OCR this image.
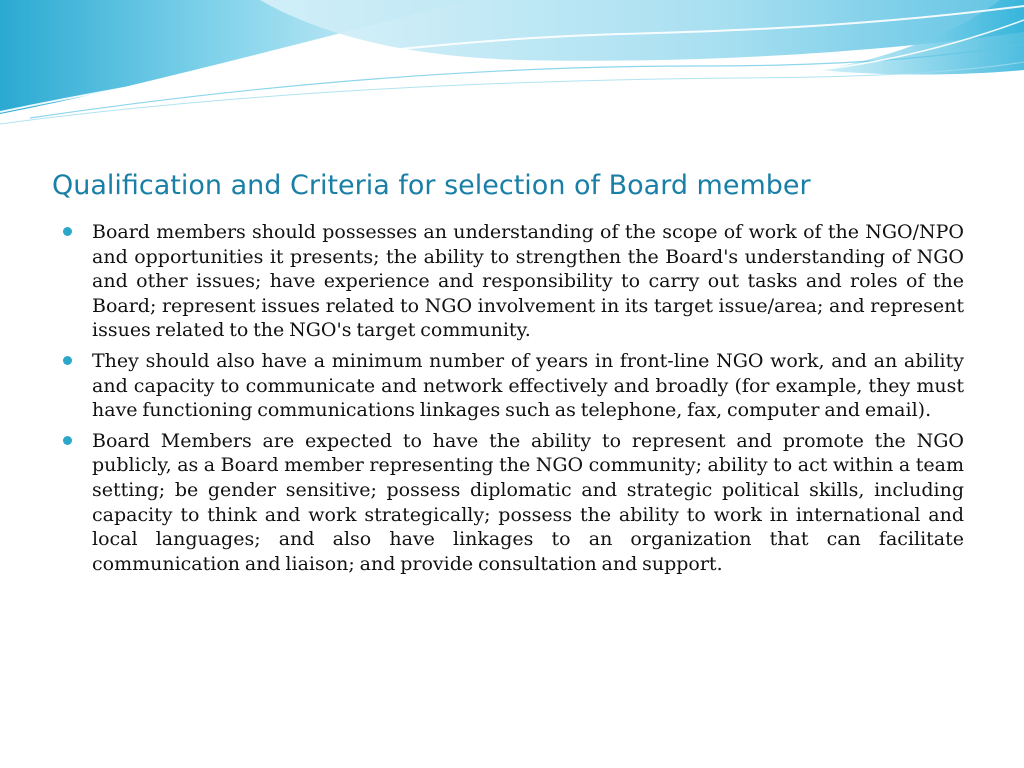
Qualification and Criteria for selection of Board member
Board members should possesses an understanding of the scope of work of the NGO/NPO and opportunities it presents; the ability to strengthen the Board's understanding of NGO and other issues; have experience and responsibility to carry out tasks and roles of the Board; represent issues related to NGO involvement in its target issue/area; and represent issues related to the NGO's target community.
They should also have a minimum number of years in front-line NGO work, and an ability and capacity to communicate and network effectively and broadly (for example, they must have functioning communications linkages such as telephone, fax, computer and email).
Board Members are expected to have the ability to represent and promote the NGO publicly, as a Board member representing the NGO community; ability to act within a team setting; be gender sensitive; possess diplomatic and strategic political skills, including capacity to think and work strategically; possess the ability to work in international and local languages; and also have linkages to an organization that can facilitate communication and liaison; and provide consultation and support.
